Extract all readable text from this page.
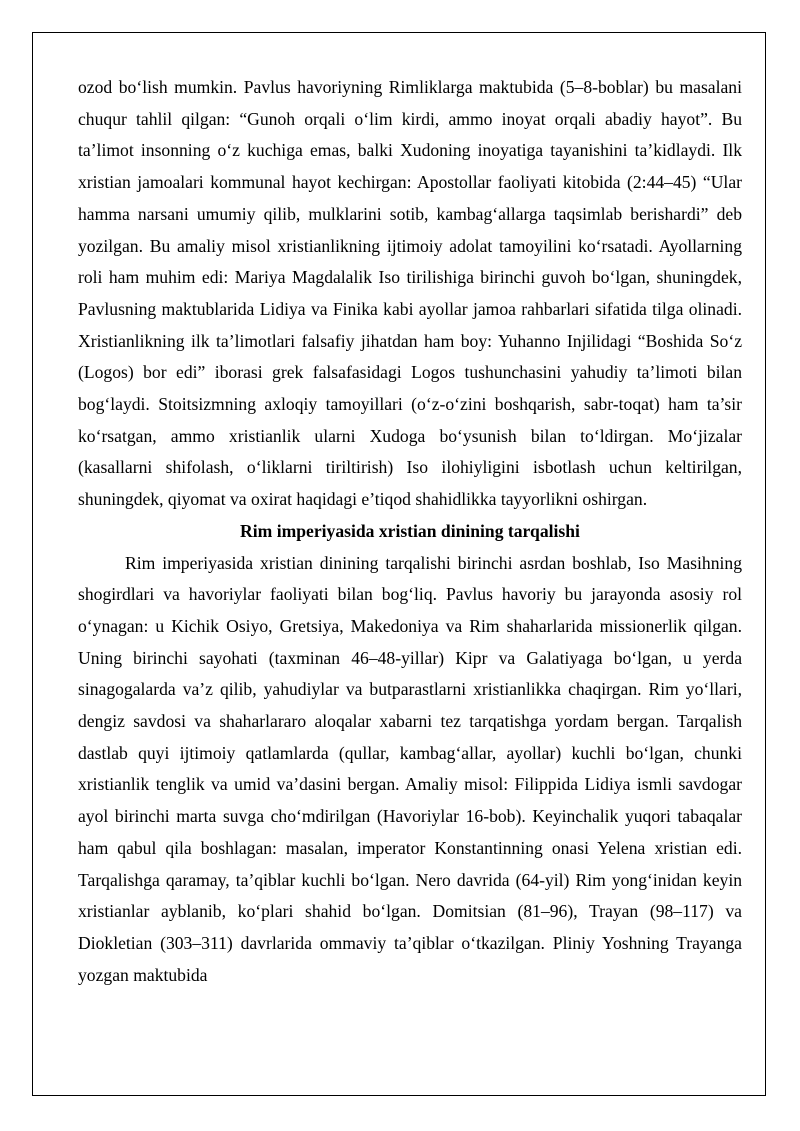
ozod bo‘lish mumkin. Pavlus havoriyning Rimliklarga maktubida (5–8-boblar) bu masalani chuqur tahlil qilgan: “Gunoh orqali o‘lim kirdi, ammo inoyat orqali abadiy hayot”. Bu ta’limot insonning o‘z kuchiga emas, balki Xudoning inoyatiga tayanishini ta’kidlaydi. Ilk xristian jamoalari kommunal hayot kechirgan: Apostollar faoliyati kitobida (2:44–45) “Ular hamma narsani umumiy qilib, mulklarini sotib, kambag‘allarga taqsimlab berishardi” deb yozilgan. Bu amaliy misol xristianlikning ijtimoiy adolat tamoyilini ko‘rsatadi. Ayollarning roli ham muhim edi: Mariya Magdalalik Iso tirilishiga birinchi guvoh bo‘lgan, shuningdek, Pavlusning maktublarida Lidiya va Finika kabi ayollar jamoa rahbarlari sifatida tilga olinadi. Xristianlikning ilk ta’limotlari falsafiy jihatdan ham boy: Yuhanno Injilidagi “Boshida So‘z (Logos) bor edi” iborasi grek falsafasidagi Logos tushunchasini yahudiy ta’limoti bilan bog‘laydi. Stoitsizmning axloqiy tamoyillari (o‘z-o‘zini boshqarish, sabr-toqat) ham ta’sir ko‘rsatgan, ammo xristianlik ularni Xudoga bo‘ysunish bilan to‘ldirgan. Mo‘jizalar (kasallarni shifolash, o‘liklarni tiriltirish) Iso ilohiyligini isbotlash uchun keltirilgan, shuningdek, qiyomat va oxirat haqidagi e’tiqod shahidlikka tayyorlikni oshirgan.

Rim imperiyasida xristian dinining tarqalishi

Rim imperiyasida xristian dinining tarqalishi birinchi asrdan boshlab, Iso Masihning shogirdlari va havoriylar faoliyati bilan bog‘liq. Pavlus havoriy bu jarayonda asosiy rol o‘ynagan: u Kichik Osiyo, Gretsiya, Makedoniya va Rim shaharlarida missionerlik qilgan. Uning birinchi sayohati (taxminan 46–48-yillar) Kipr va Galatiyaga bo‘lgan, u yerda sinagogalarda va’z qilib, yahudiylar va butparastlarni xristianlikka chaqirgan. Rim yo‘llari, dengiz savdosi va shaharlararo aloqalar xabarni tez tarqatishga yordam bergan. Tarqalish dastlab quyi ijtimoiy qatlamlarda (qullar, kambag‘allar, ayollar) kuchli bo‘lgan, chunki xristianlik tenglik va umid va’dasini bergan. Amaliy misol: Filippida Lidiya ismli savdogar ayol birinchi marta suvga cho‘mdirilgan (Havoriylar 16-bob). Keyinchalik yuqori tabaqalar ham qabul qila boshlagan: masalan, imperator Konstantinning onasi Yelena xristian edi. Tarqalishga qaramay, ta’qiblar kuchli bo‘lgan. Nero davrida (64-yil) Rim yong‘inidan keyin xristianlar ayblanib, ko‘plari shahid bo‘lgan. Domitsian (81–96), Trayan (98–117) va Diokletian (303–311) davrlarida ommaviy ta’qiblar o‘tkazilgan. Pliniy Yoshning Trayanga yozgan maktubida
